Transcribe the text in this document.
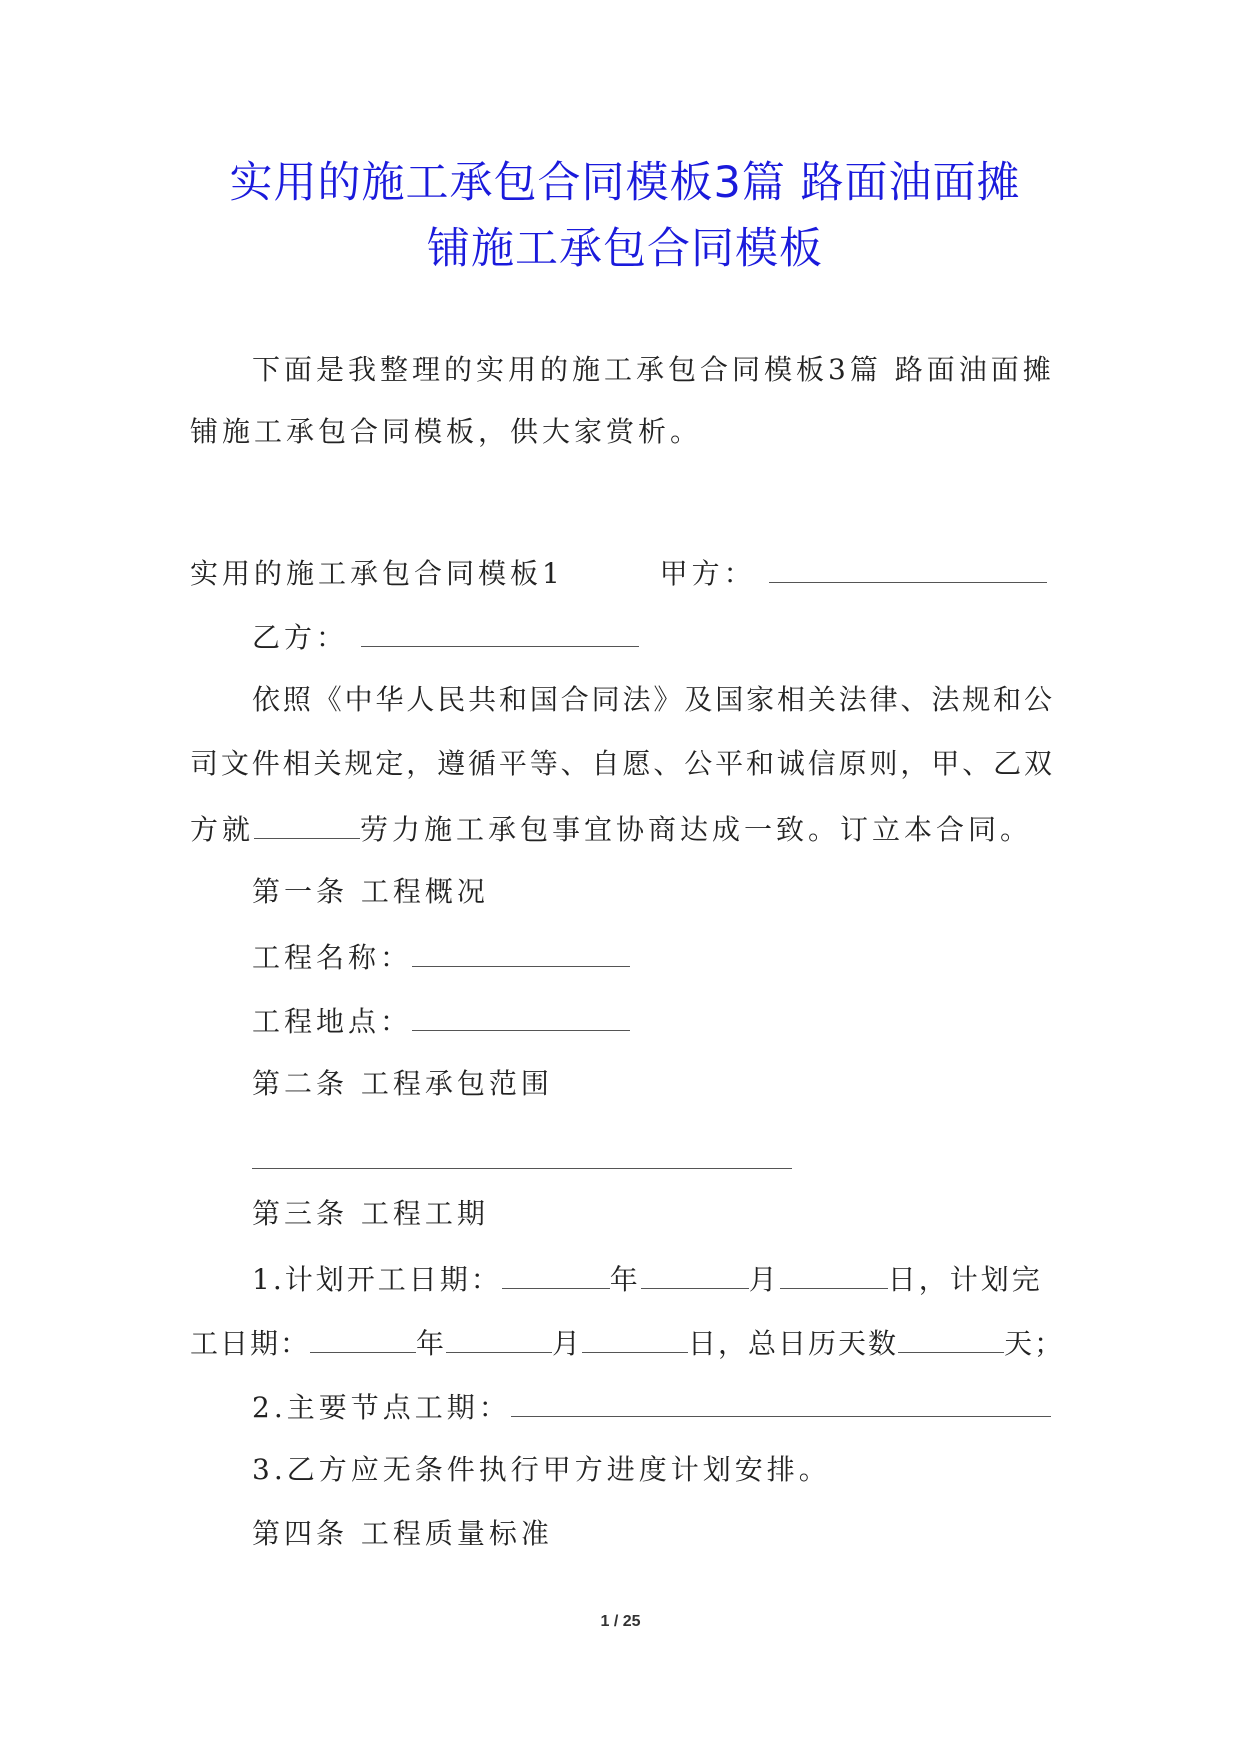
实用的施工承包合同模板3篇 路面油面摊
铺施工承包合同模板
下面是我整理的实用的施工承包合同模板3篇 路面油面摊
铺施工承包合同模板，供大家赏析。
实用的施工承包合同模板1	甲方：
乙方：
依照《中华人民共和国合同法》及国家相关法律、法规和公
司文件相关规定，遵循平等、自愿、公平和诚信原则，甲、乙双
方就	劳力施工承包事宜协商达成一致。订立本合同。
第一条 工程概况
工程名称：
工程地点：
第二条 工程承包范围
第三条 工程工期
1.计划开工日期：	年	月	日，计划完
工日期：	年	月	日，总日历天数	天；
2.主要节点工期：
3.乙方应无条件执行甲方进度计划安排。
第四条 工程质量标准
1 / 25
